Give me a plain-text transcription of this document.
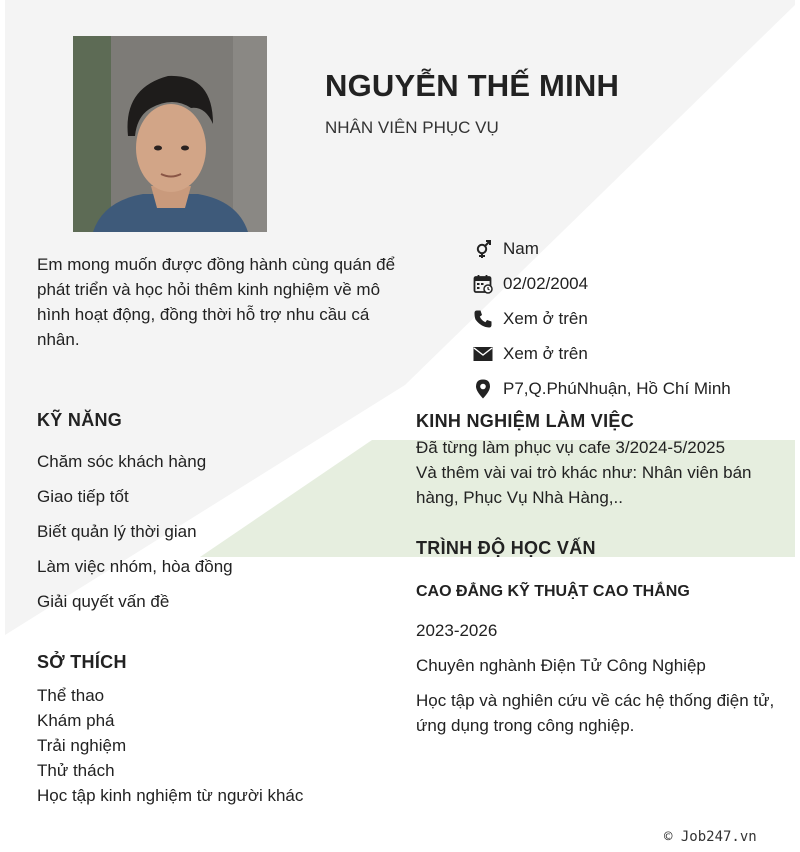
NGUYỄN THẾ MINH
NHÂN VIÊN PHỤC VỤ
Em mong muốn được đồng hành cùng quán để phát triển và học hỏi thêm kinh nghiệm về mô hình hoạt động, đồng thời hỗ trợ nhu cầu cá nhân.
Nam
02/02/2004
Xem ở trên
Xem ở trên
P7,Q.PhúNhuận, Hồ Chí Minh
KỸ NĂNG
Chăm sóc khách hàng
Giao tiếp tốt
Biết quản lý thời gian
Làm việc nhóm, hòa đồng
Giải quyết vấn đề
SỞ THÍCH
Thể thao
Khám phá
Trải nghiệm
Thử thách
Học tập kinh nghiệm từ người khác
KINH NGHIỆM LÀM VIỆC
Đã từng làm phục vụ cafe 3/2024-5/2025
Và thêm vài vai trò khác như: Nhân viên bán hàng, Phục Vụ Nhà Hàng,..
TRÌNH ĐỘ HỌC VẤN
CAO ĐẲNG KỸ THUẬT CAO THẮNG
2023-2026
Chuyên nghành Điện Tử Công Nghiệp
Học tập và nghiên cứu về các hệ thống điện tử, ứng dụng trong công nghiệp.
© Job247.vn
